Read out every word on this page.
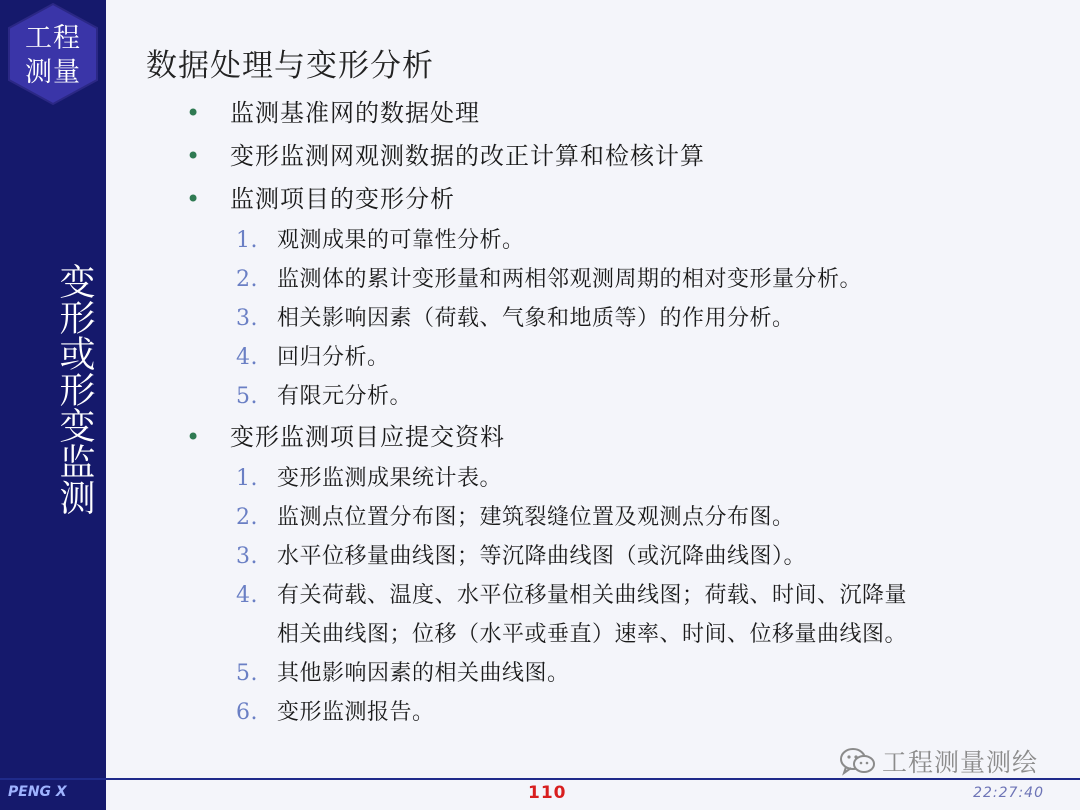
工程
测量
变形或形变监测
PENG X
数据处理与变形分析
• 监测基准网的数据处理
• 变形监测网观测数据的改正计算和检核计算
• 监测项目的变形分析
1. 观测成果的可靠性分析。
2. 监测体的累计变形量和两相邻观测周期的相对变形量分析。
3. 相关影响因素（荷载、气象和地质等）的作用分析。
4. 回归分析。
5. 有限元分析。
• 变形监测项目应提交资料
1. 变形监测成果统计表。
2. 监测点位置分布图；建筑裂缝位置及观测点分布图。
3. 水平位移量曲线图；等沉降曲线图（或沉降曲线图）。
4. 有关荷载、温度、水平位移量相关曲线图；荷载、时间、沉降量
相关曲线图；位移（水平或垂直）速率、时间、位移量曲线图。
5. 其他影响因素的相关曲线图。
6. 变形监测报告。
工程测量测绘
110	22:27:40
